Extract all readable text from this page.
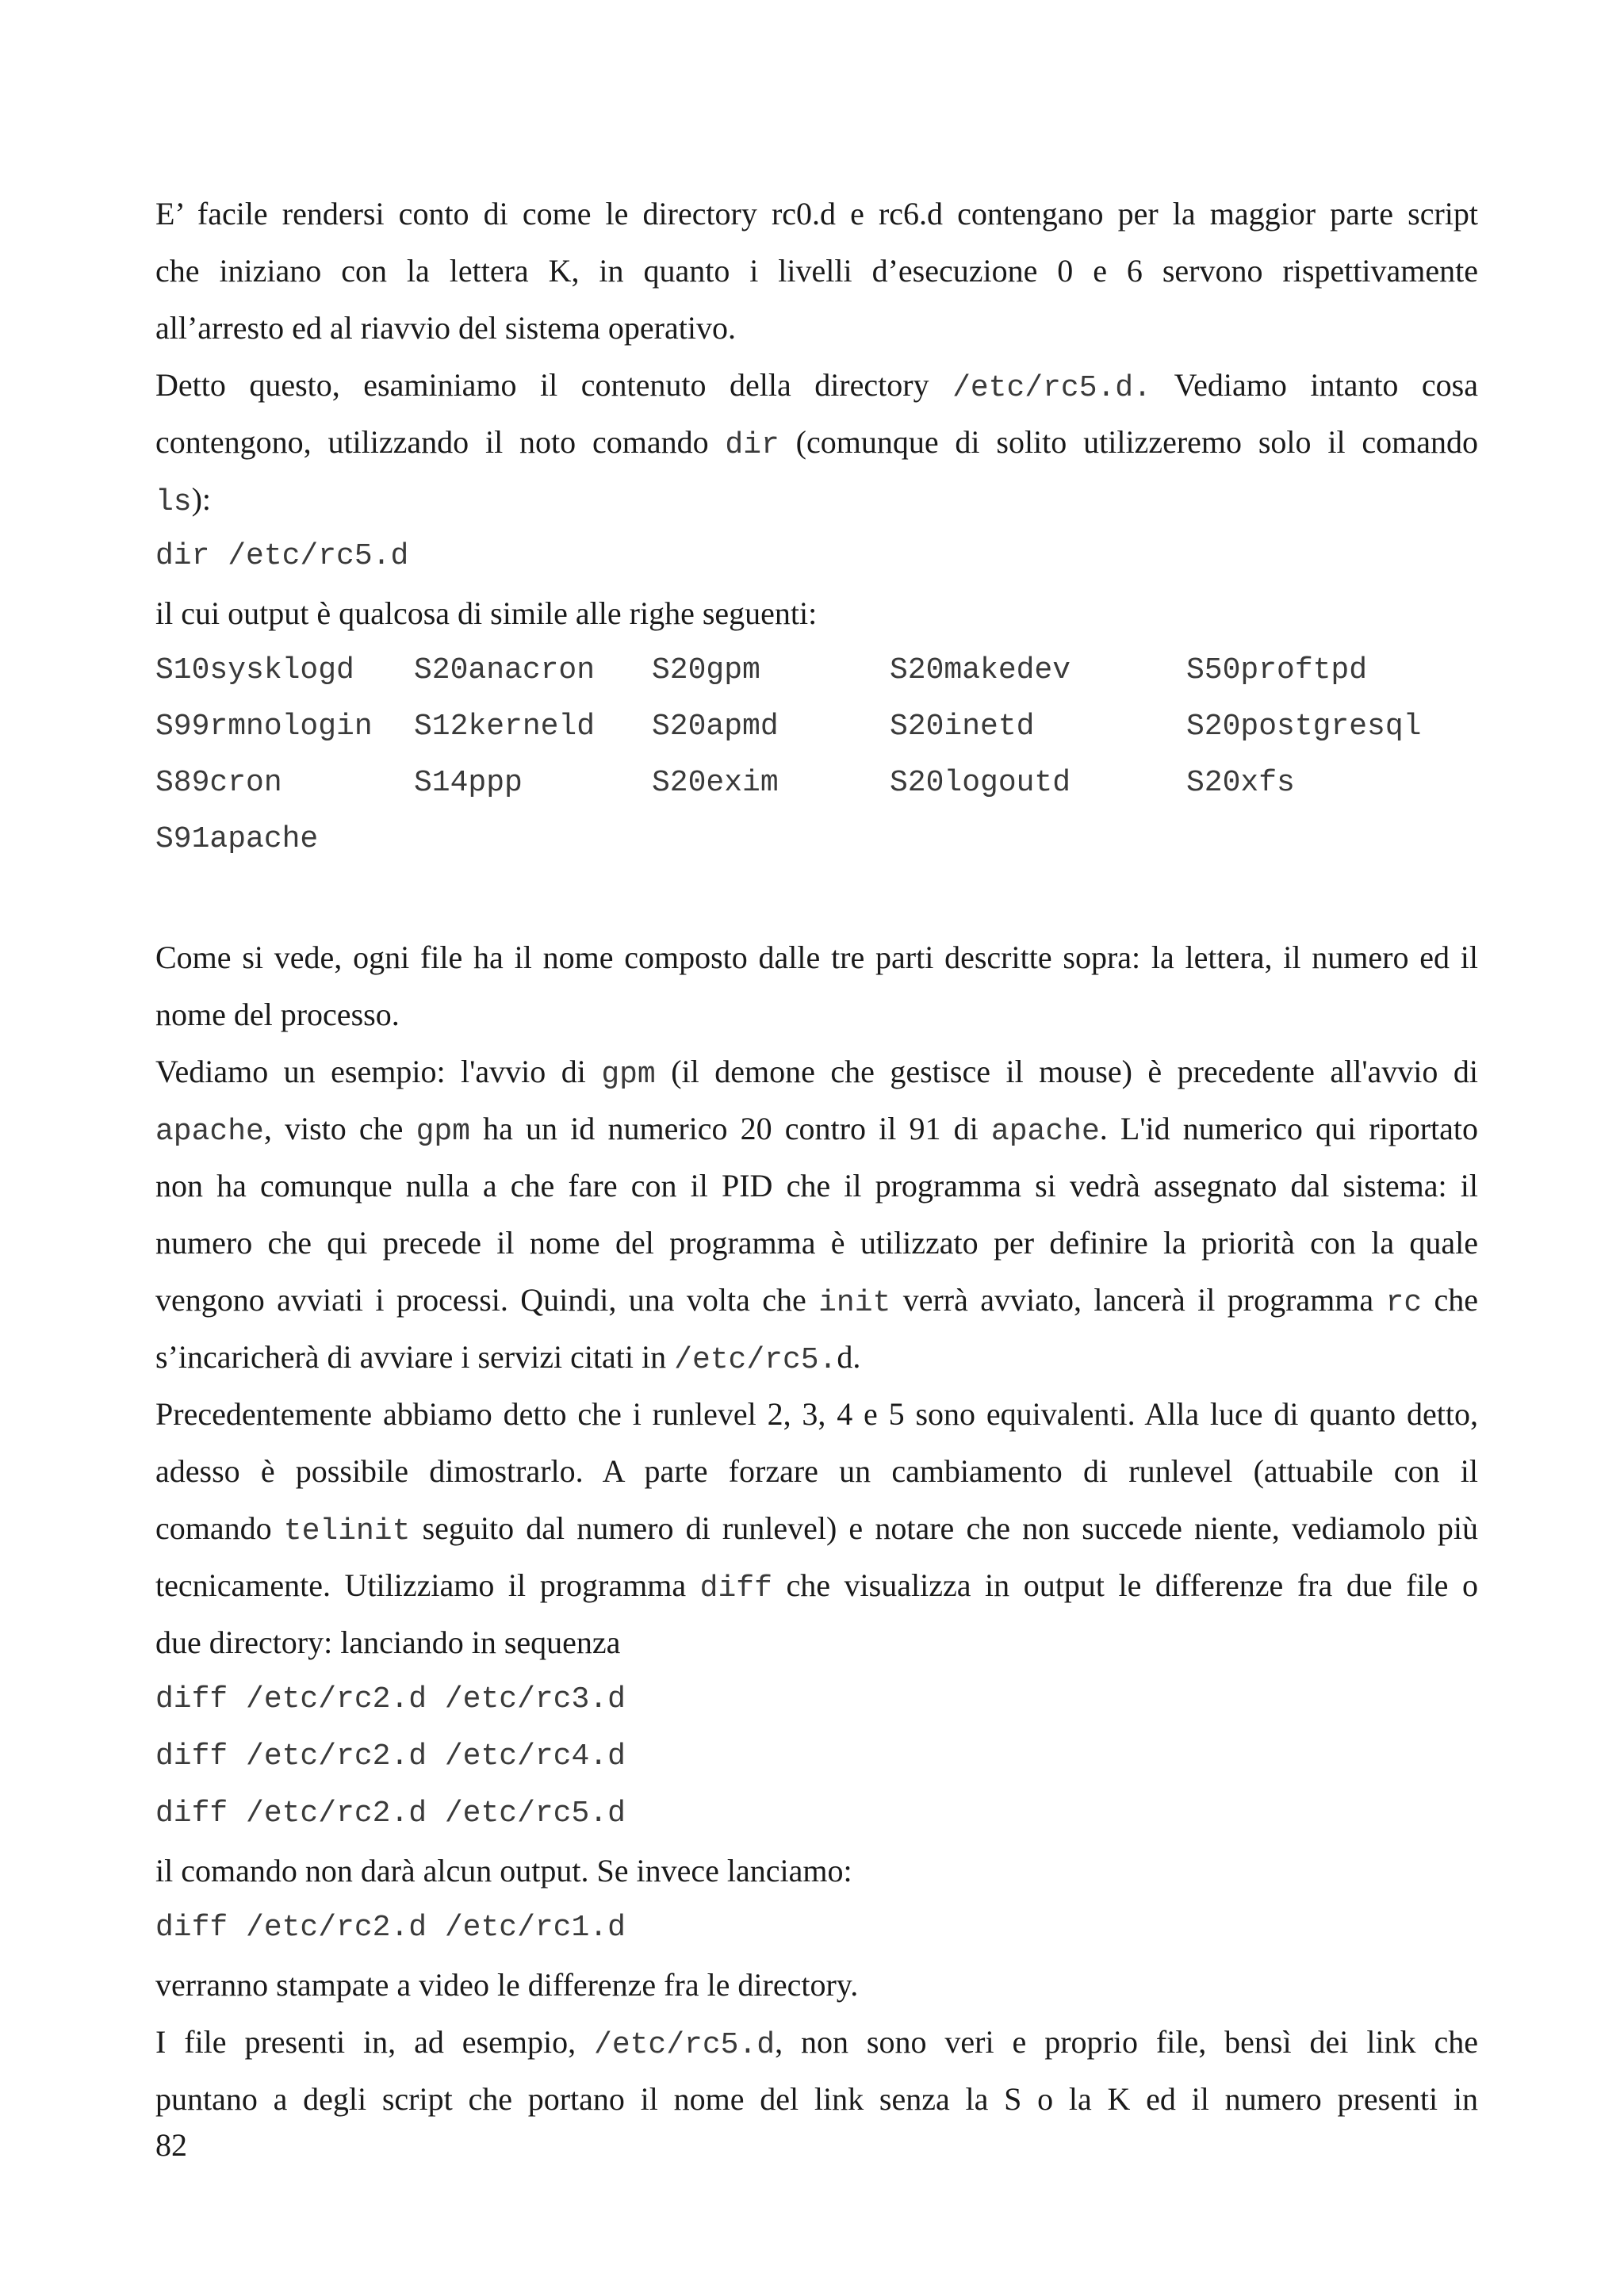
E’ facile rendersi conto di come le directory rc0.d e rc6.d contengano per la maggior parte script
che iniziano con la lettera K, in quanto i livelli d’esecuzione 0 e 6 servono rispettivamente
all’arresto ed al riavvio del sistema operativo.
Detto questo, esaminiamo il contenuto della directory /etc/rc5.d. Vediamo intanto cosa
contengono, utilizzando il noto comando dir (comunque di solito utilizzeremo solo il comando
ls):
dir /etc/rc5.d
il cui output è qualcosa di simile alle righe seguenti:
S10sysklogd S20anacron S20gpm	S20makedev	S50proftpd
S99rmnologin S12kerneld S20apmd	S20inetd	S20postgresql
S89cron	S14ppp	S20exim	S20logoutd	S20xfs
S91apache
Come si vede, ogni file ha il nome composto dalle tre parti descritte sopra: la lettera, il numero ed il
nome del processo.
Vediamo un esempio: l'avvio di gpm (il demone che gestisce il mouse) è precedente all'avvio di
apache, visto che gpm ha un id numerico 20 contro il 91 di apache. L'id numerico qui riportato
non ha comunque nulla a che fare con il PID che il programma si vedrà assegnato dal sistema: il
numero che qui precede il nome del programma è utilizzato per definire la priorità con la quale
vengono avviati i processi. Quindi, una volta che init verrà avviato, lancerà il programma rc che
s’incaricherà di avviare i servizi citati in /etc/rc5.d.
Precedentemente abbiamo detto che i runlevel 2, 3, 4 e 5 sono equivalenti. Alla luce di quanto detto,
adesso è possibile dimostrarlo. A parte forzare un cambiamento di runlevel (attuabile con il
comando telinit seguito dal numero di runlevel) e notare che non succede niente, vediamolo più
tecnicamente. Utilizziamo il programma diff che visualizza in output le differenze fra due file o
due directory: lanciando in sequenza
diff /etc/rc2.d /etc/rc3.d
diff /etc/rc2.d /etc/rc4.d
diff /etc/rc2.d /etc/rc5.d
il comando non darà alcun output. Se invece lanciamo:
diff /etc/rc2.d /etc/rc1.d
verranno stampate a video le differenze fra le directory.
I file presenti in, ad esempio, /etc/rc5.d, non sono veri e proprio file, bensì dei link che
puntano a degli script che portano il nome del link senza la S o la K ed il numero presenti in
82
